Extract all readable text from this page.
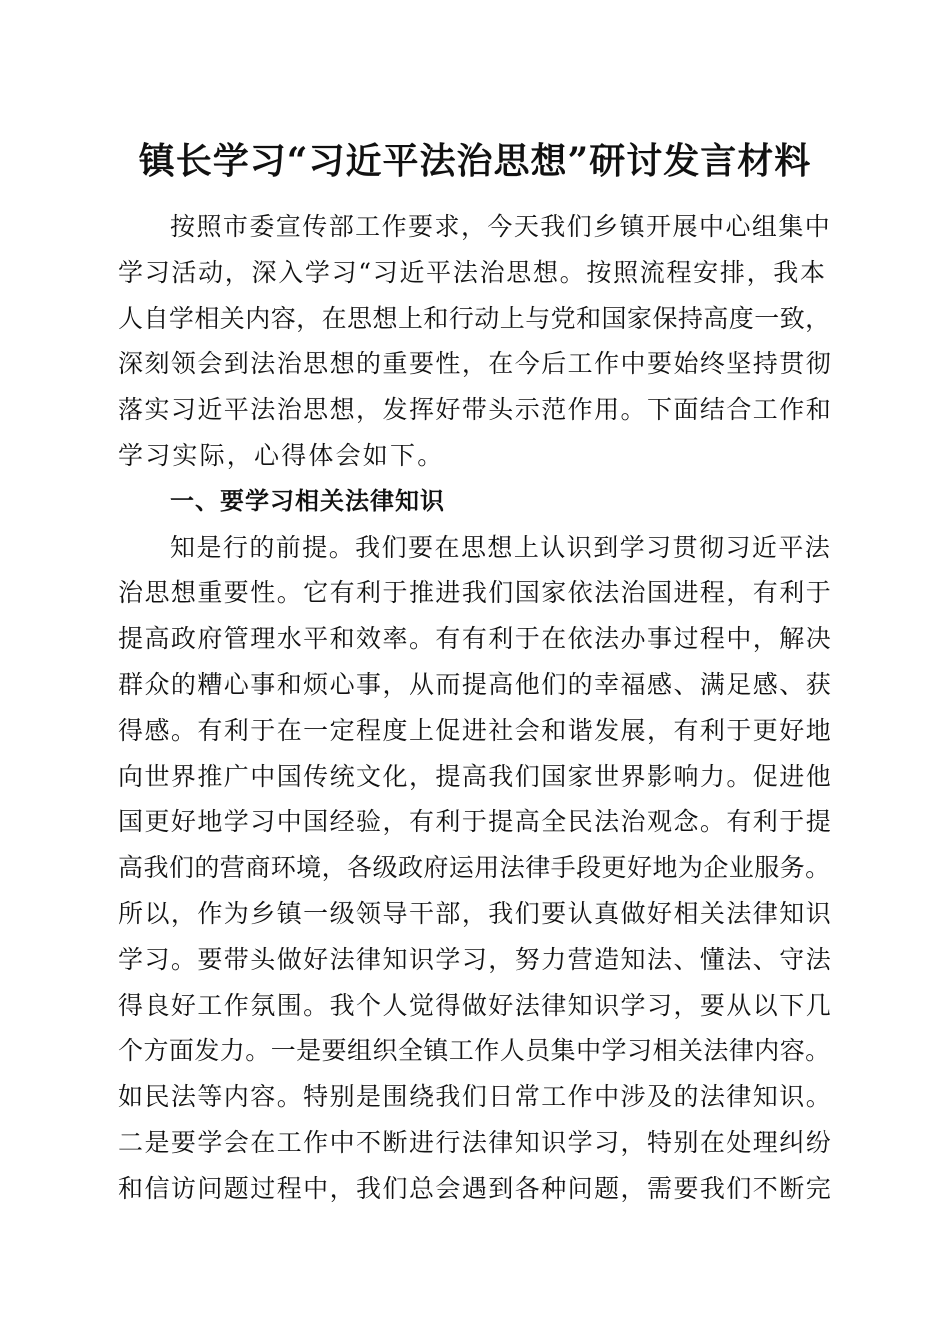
镇长学习“习近平法治思想”研讨发言材料
按照市委宣传部工作要求，今天我们乡镇开展中心组集中
学习活动，深入学习“习近平法治思想。按照流程安排，我本
人自学相关内容，在思想上和行动上与党和国家保持高度一致，
深刻领会到法治思想的重要性，在今后工作中要始终坚持贯彻
落实习近平法治思想，发挥好带头示范作用。下面结合工作和
学习实际，心得体会如下。
一、要学习相关法律知识
知是行的前提。我们要在思想上认识到学习贯彻习近平法
治思想重要性。它有利于推进我们国家依法治国进程，有利于
提高政府管理水平和效率。有有利于在依法办事过程中，解决
群众的糟心事和烦心事，从而提高他们的幸福感、满足感、获
得感。有利于在一定程度上促进社会和谐发展，有利于更好地
向世界推广中国传统文化，提高我们国家世界影响力。促进他
国更好地学习中国经验，有利于提高全民法治观念。有利于提
高我们的营商环境，各级政府运用法律手段更好地为企业服务。
所以，作为乡镇一级领导干部，我们要认真做好相关法律知识
学习。要带头做好法律知识学习，努力营造知法、懂法、守法
得良好工作氛围。我个人觉得做好法律知识学习，要从以下几
个方面发力。一是要组织全镇工作人员集中学习相关法律内容。
如民法等内容。特别是围绕我们日常工作中涉及的法律知识。
二是要学会在工作中不断进行法律知识学习，特别在处理纠纷
和信访问题过程中，我们总会遇到各种问题，需要我们不断完
